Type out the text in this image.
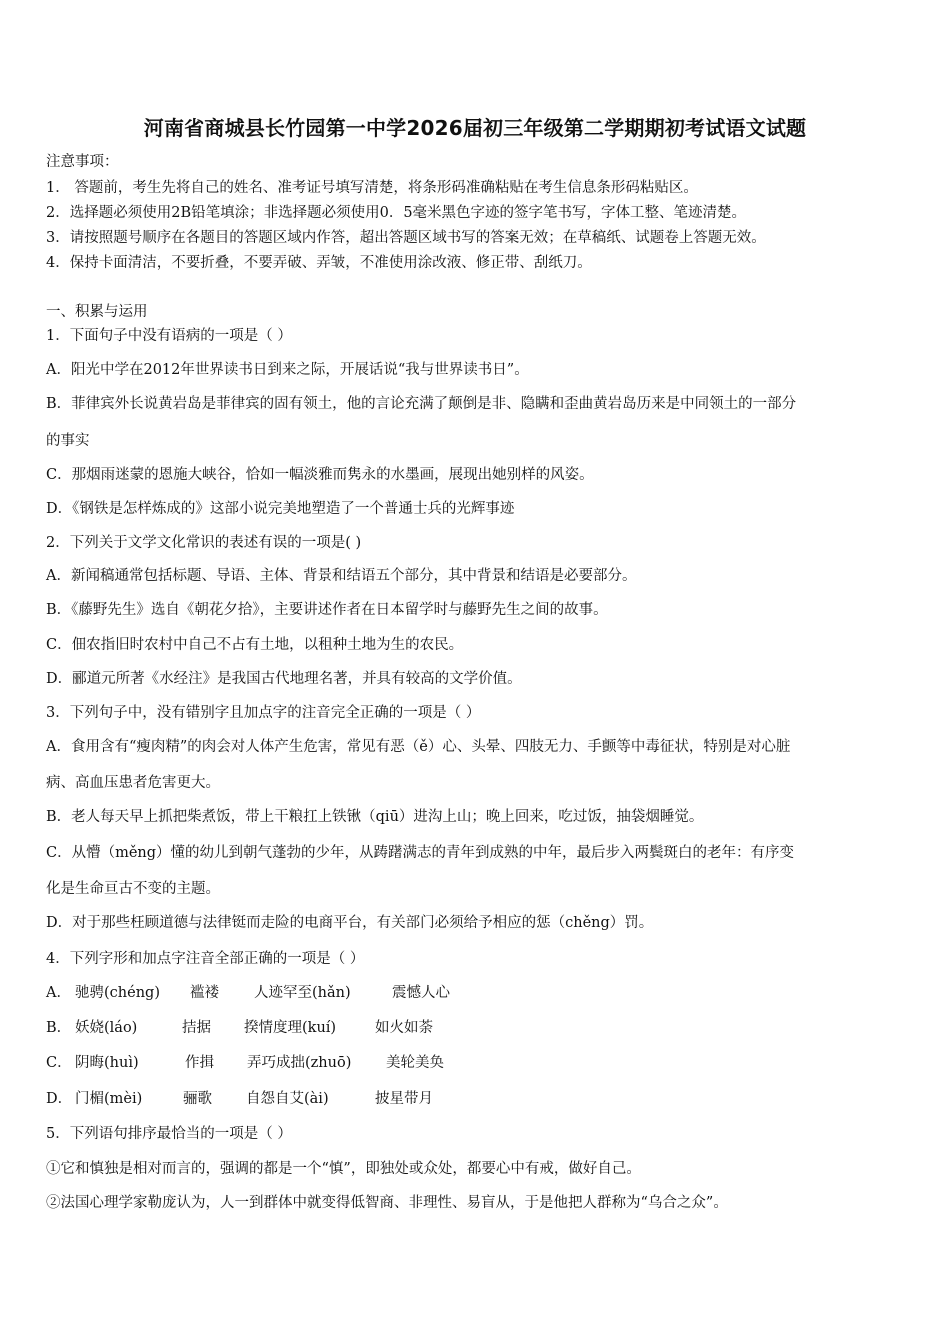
河南省商城县长竹园第一中学2026届初三年级第二学期期初考试语文试题
注意事项：
1． 答题前，考生先将自己的姓名、准考证号填写清楚，将条形码准确粘贴在考生信息条形码粘贴区。
2．选择题必须使用2B铅笔填涂；非选择题必须使用0．5毫米黑色字迹的签字笔书写，字体工整、笔迹清楚。
3．请按照题号顺序在各题目的答题区域内作答，超出答题区域书写的答案无效；在草稿纸、试题卷上答题无效。
4．保持卡面清洁，不要折叠，不要弄破、弄皱，不准使用涂改液、修正带、刮纸刀。
一、积累与运用
1．下面句子中没有语病的一项是（ ）
A．阳光中学在2012年世界读书日到来之际，开展话说“我与世界读书日”。
B．菲律宾外长说黄岩岛是菲律宾的固有领土，他的言论充满了颠倒是非、隐瞒和歪曲黄岩岛历来是中同领土的一部分
的事实
C．那烟雨迷蒙的恩施大峡谷，恰如一幅淡雅而隽永的水墨画，展现出她别样的风姿。
D．《钢铁是怎样炼成的》这部小说完美地塑造了一个普通士兵的光辉事迹
2．下列关于文学文化常识的表述有误的一项是( )
A．新闻稿通常包括标题、导语、主体、背景和结语五个部分，其中背景和结语是必要部分。
B．《藤野先生》选自《朝花夕拾》，主要讲述作者在日本留学时与藤野先生之间的故事。
C．佃农指旧时农村中自己不占有土地，以租种土地为生的农民。
D．郦道元所著《水经注》是我国古代地理名著，并具有较高的文学价值。
3．下列句子中，没有错别字且加点字的注音完全正确的一项是（ ）
A．食用含有“瘦肉精”的肉会对人体产生危害，常见有恶（ě）心、头晕、四肢无力、手颤等中毒征状，特别是对心脏
病、高血压患者危害更大。
B．老人每天早上抓把柴煮饭，带上干粮扛上铁锹（qiū）进沟上山；晚上回来，吃过饭，抽袋烟睡觉。
C．从懵（měng）懂的幼儿到朝气蓬勃的少年，从踌躇满志的青年到成熟的中年，最后步入两鬓斑白的老年：有序变
化是生命亘古不变的主题。
D．对于那些枉顾道德与法律铤而走险的电商平台，有关部门必须给予相应的惩（chěng）罚。
4．下列字形和加点字注音全部正确的一项是（ ）
A． 驰骋(chéng) 褴褛 人迹罕至(hǎn)	震憾人心
B． 妖娆(láo)	拮据 揆情度理(kuí)	如火如荼
C． 阴晦(huì)	作揖 弄巧成拙(zhuō) 美轮美奂
D． 门楣(mèi)	骊歌 自怨自艾(ài)	披星带月
5．下列语句排序最恰当的一项是（ ）
①它和慎独是相对而言的，强调的都是一个“慎”，即独处或众处，都要心中有戒，做好自己。
②法国心理学家勒庞认为，人一到群体中就变得低智商、非理性、易盲从，于是他把人群称为“乌合之众”。
